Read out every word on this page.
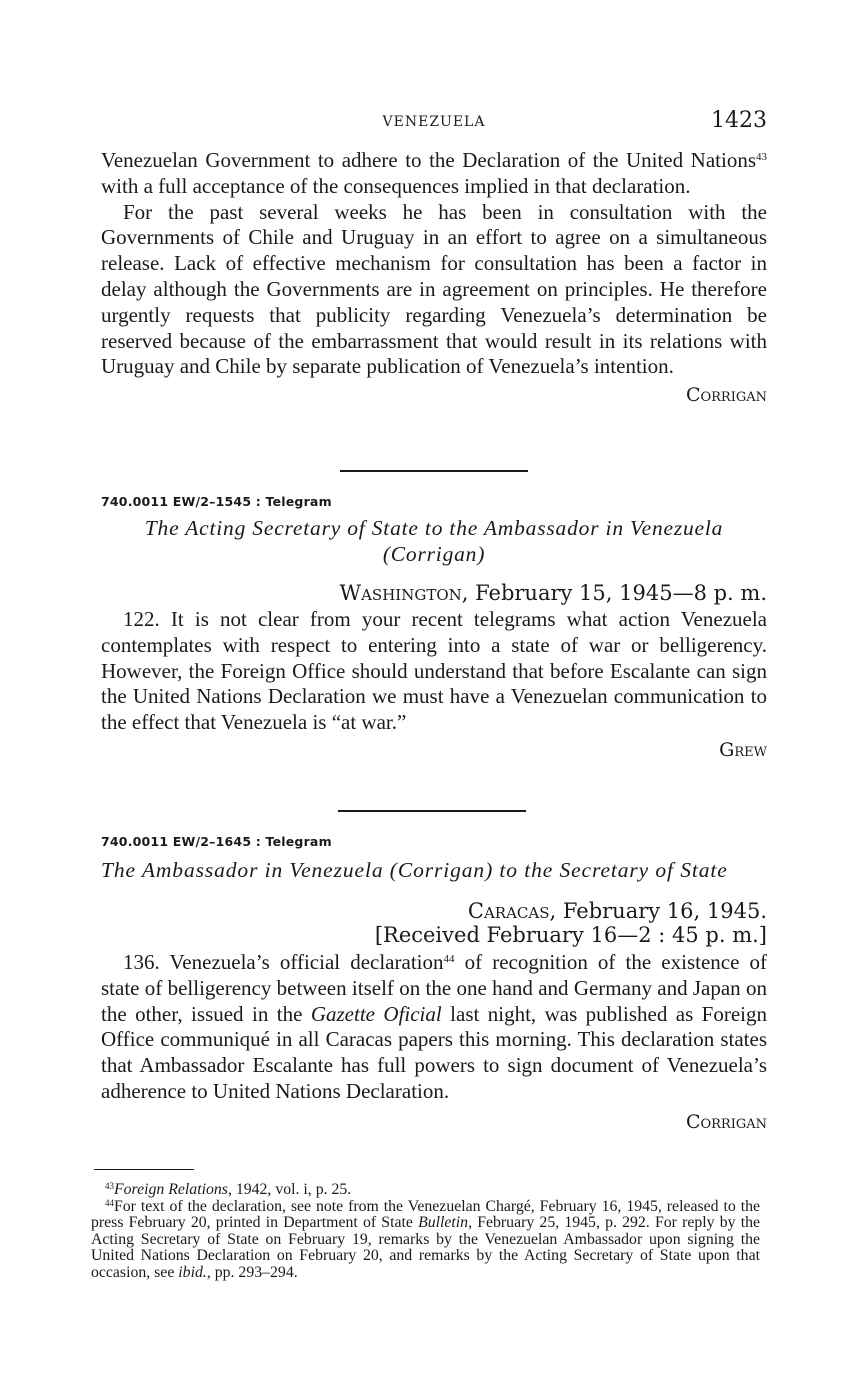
VENEZUELA	1423

Venezuelan Government to adhere to the Declaration of the United Nations$^{43}$ with a full acceptance of the consequences implied in that declaration.

For the past several weeks he has been in consultation with the Governments of Chile and Uruguay in an effort to agree on a simultaneous release. Lack of effective mechanism for consultation has been a factor in delay although the Governments are in agreement on principles. He therefore urgently requests that publicity regarding Venezuela’s determination be reserved because of the embarrassment that would result in its relations with Uruguay and Chile by separate publication of Venezuela’s intention.

Corrigan

740.0011 EW/2–1545 : Telegram

The Acting Secretary of State to the Ambassador in Venezuela

(Corrigan)

Washington, February 15, 1945—8 p. m.

122. It is not clear from your recent telegrams what action Venezuela contemplates with respect to entering into a state of war or belligerency. However, the Foreign Office should understand that before Escalante can sign the United Nations Declaration we must have a Venezuelan communication to the effect that Venezuela is “at war.”

Grew

740.0011 EW/2–1645 : Telegram

The Ambassador in Venezuela (Corrigan) to the Secretary of State

Caracas, February 16, 1945.

[Received February 16—2 : 45 p. m.]

136. Venezuela’s official declaration$^{44}$ of recognition of the existence of state of belligerency between itself on the one hand and Germany and Japan on the other, issued in the Gazette Oficial last night, was published as Foreign Office communiqué in all Caracas papers this morning. This declaration states that Ambassador Escalante has full powers to sign document of Venezuela’s adherence to United Nations Declaration.

Corrigan

$^{43}$Foreign Relations, 1942, vol. i, p. 25.

$^{44}$For text of the declaration, see note from the Venezuelan Chargé, February 16, 1945, released to the press February 20, printed in Department of State Bulletin, February 25, 1945, p. 292. For reply by the Acting Secretary of State on February 19, remarks by the Venezuelan Ambassador upon signing the United Nations Declaration on February 20, and remarks by the Acting Secretary of State upon that occasion, see ibid., pp. 293–294.
